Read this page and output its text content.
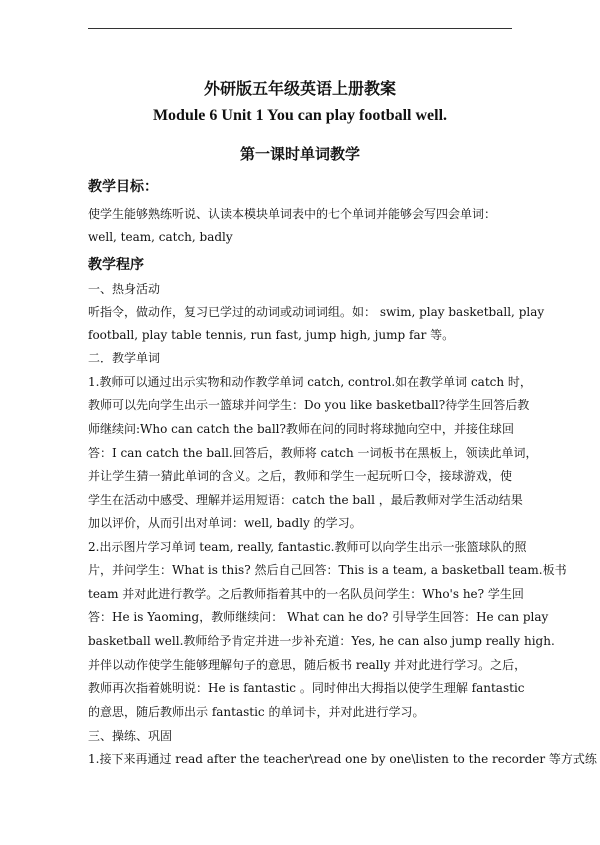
外研版五年级英语上册教案
Module 6 Unit 1 You can play football well.
第一课时单词教学
教学目标：
使学生能够熟练听说、认读本模块单词表中的七个单词并能够会写四会单词：
well, team, catch, badly
教学程序
一、热身活动
听指令，做动作，复习已学过的动词或动词词组。如： swim, play basketball, play
football, play table tennis, run fast, jump high, jump far 等。
二．教学单词
1.教师可以通过出示实物和动作教学单词 catch, control.如在教学单词 catch 时，
教师可以先向学生出示一篮球并问学生：Do you like basketball?待学生回答后教
师继续问:Who can catch the ball?教师在问的同时将球抛向空中，并接住球回
答：I can catch the ball.回答后，教师将 catch 一词板书在黑板上，领读此单词，
并让学生猜一猜此单词的含义。之后，教师和学生一起玩听口令，接球游戏，使
学生在活动中感受、理解并运用短语：catch the ball ，最后教师对学生活动结果
加以评价，从而引出对单词：well, badly 的学习。
2.出示图片学习单词 team, really, fantastic.教师可以向学生出示一张篮球队的照
片，并问学生：What is this? 然后自己回答：This is a team, a basketball team.板书
team 并对此进行教学。之后教师指着其中的一名队员问学生：Who's he? 学生回
答：He is Yaoming，教师继续问： What can he do? 引导学生回答：He can play
basketball well.教师给予肯定并进一步补充道：Yes, he can also jump really high.
并伴以动作使学生能够理解句子的意思，随后板书 really 并对此进行学习。之后，
教师再次指着姚明说：He is fantastic 。同时伸出大拇指以使学生理解 fantastic
的意思，随后教师出示 fantastic 的单词卡，并对此进行学习。
三、操练、巩固
1.接下来再通过 read after the teacher\read one by one\listen to the recorder 等方式练
